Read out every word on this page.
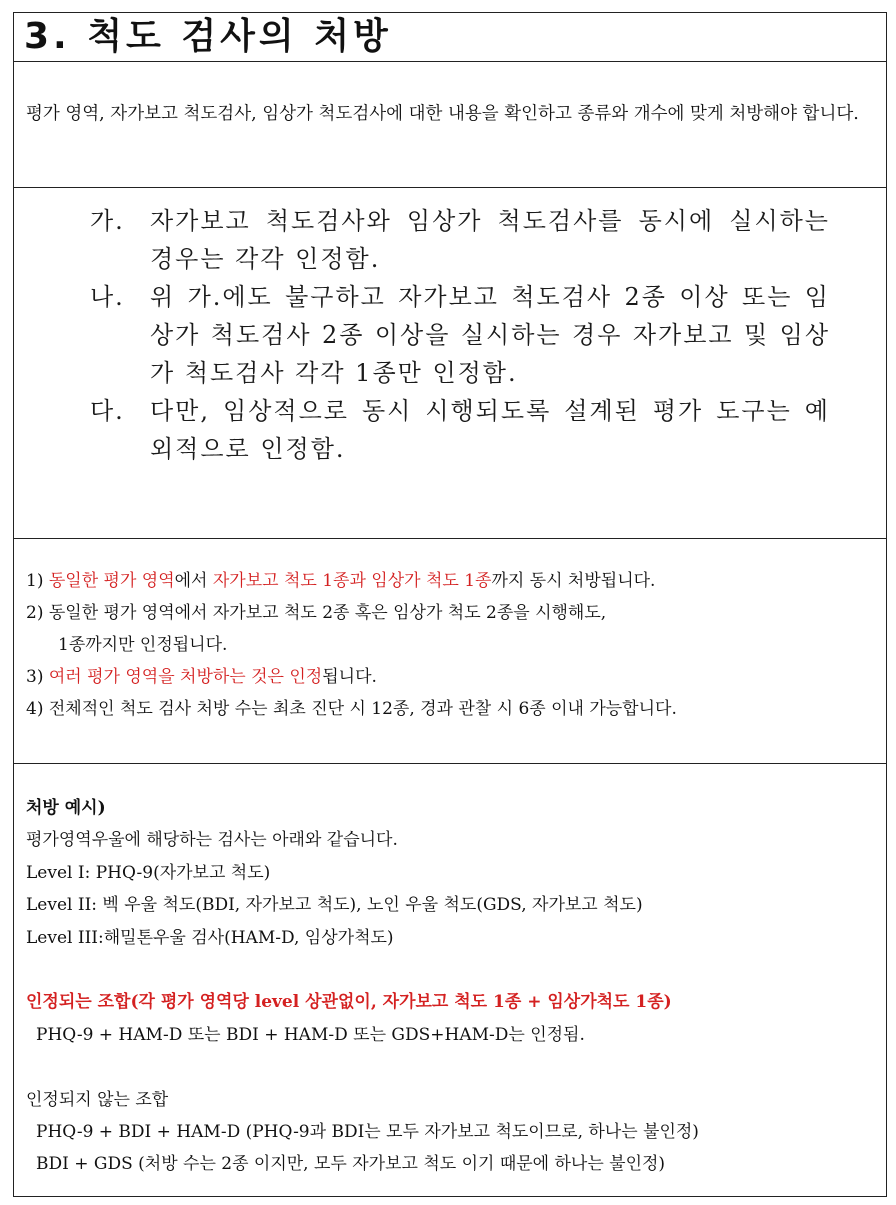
3. 척도 검사의 처방

평가 영역, 자가보고 척도검사, 임상가 척도검사에 대한 내용을 확인하고 종류와 개수에 맞게 처방해야 합니다.

가.	자가보고 척도검사와 임상가 척도검사를 동시에 실시하는 경우는 각각 인정함.
나.	위 가.에도 불구하고 자가보고 척도검사 2종 이상 또는 임상가 척도검사 2종 이상을 실시하는 경우 자가보고 및 임상가 척도검사 각각 1종만 인정함.
다.	다만, 임상적으로 동시 시행되도록 설계된 평가 도구는 예외적으로 인정함.
1) 동일한 평가 영역에서 자가보고 척도 1종과 임상가 척도 1종까지 동시 처방됩니다.
2) 동일한 평가 영역에서 자가보고 척도 2종 혹은 임상가 척도 2종을 시행해도,
1종까지만 인정됩니다.
3) 여러 평가 영역을 처방하는 것은 인정됩니다.
4) 전체적인 척도 검사 처방 수는 최초 진단 시 12종, 경과 관찰 시 6종 이내 가능합니다.
처방 예시)
평가영역우울에 해당하는 검사는 아래와 같습니다.
Level I: PHQ-9(자가보고 척도)
Level II: 벡 우울 척도(BDI, 자가보고 척도), 노인 우울 척도(GDS, 자가보고 척도)
Level III:해밀톤우울 검사(HAM-D, 임상가척도)
인정되는 조합(각 평가 영역당 level 상관없이, 자가보고 척도 1종 + 임상가척도 1종)
PHQ-9 + HAM-D 또는 BDI + HAM-D 또는 GDS+HAM-D는 인정됨.
인정되지 않는 조합
PHQ-9 + BDI + HAM-D (PHQ-9과 BDI는 모두 자가보고 척도이므로, 하나는 불인정)
BDI + GDS (처방 수는 2종 이지만, 모두 자가보고 척도 이기 때문에 하나는 불인정)
